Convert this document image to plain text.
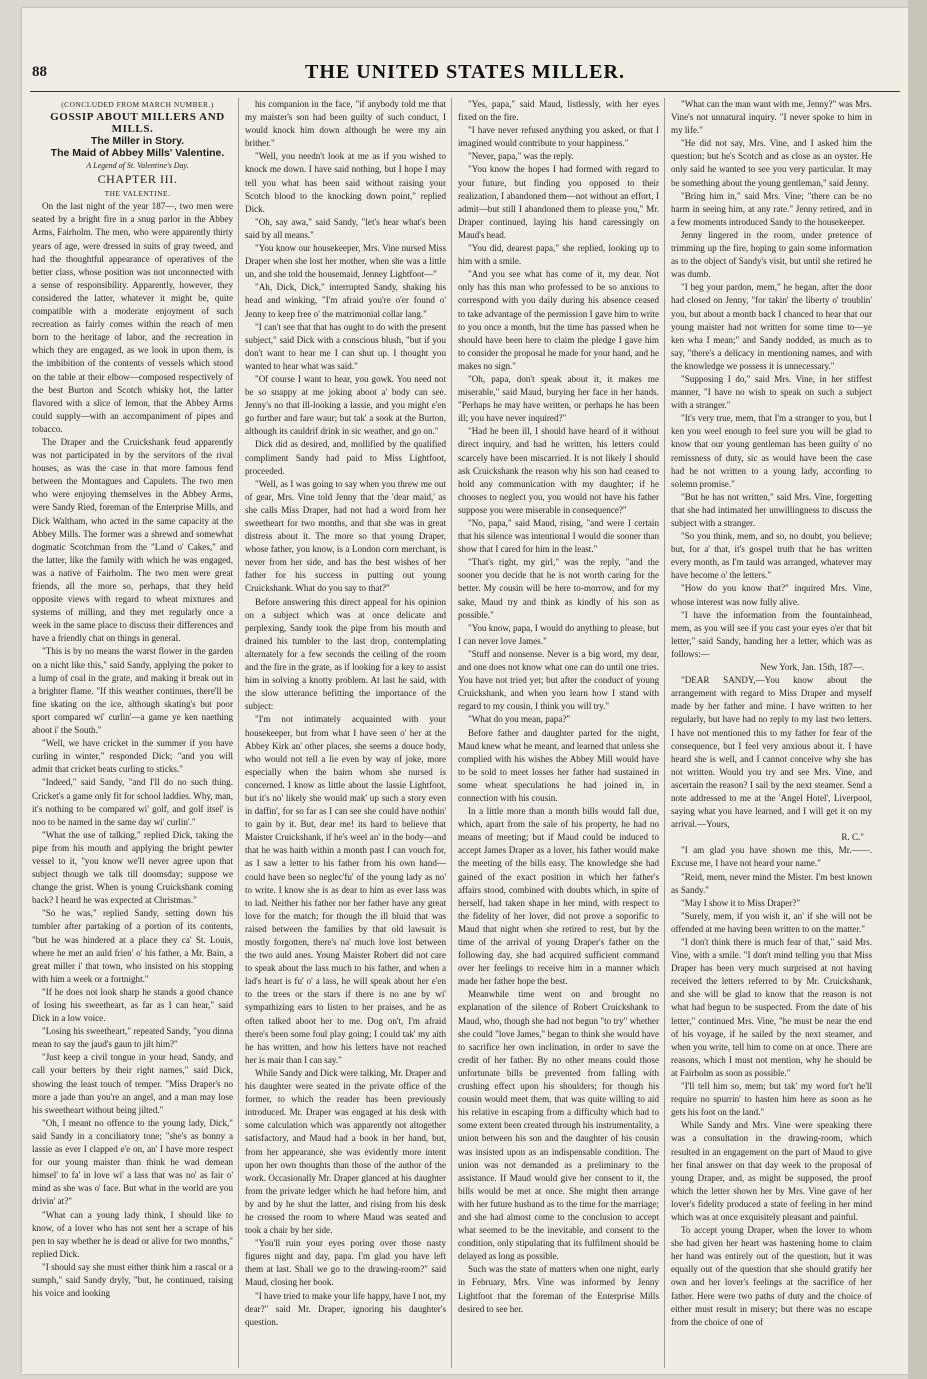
88	THE UNITED STATES MILLER.

(CONCLUDED FROM MARCH NUMBER.)

GOSSIP ABOUT MILLERS AND MILLS.

The Miller in Story.

The Maid of Abbey Mills' Valentine.

A Legend of St. Valentine's Day.

CHAPTER III.

THE VALENTINE.

On the last night of the year 187—, two men were seated by a bright fire in a snug parlor in the Abbey Arms, Fairholm. The men, who were apparently thirty years of age, were dressed in suits of gray tweed, and had the thoughtful appearance of operatives of the better class, whose position was not unconnected with a sense of responsibility. Apparently, however, they considered the latter, whatever it might be, quite compatible with a moderate enjoyment of such recreation as fairly comes within the reach of men born to the heritage of labor, and the recreation in which they are engaged, as we look in upon them, is the imbibition of the contents of vessels which stood on the table at their elbow—composed respectively of the best Burton and Scotch whisky hot, the latter flavored with a slice of lemon, that the Abbey Arms could supply—with an accompaniment of pipes and tobacco.

The Draper and the Cruickshank feud apparently was not participated in by the servitors of the rival houses, as was the case in that more famous fend between the Montagues and Capulets. The two men who were enjoying themselves in the Abbey Arms, were Sandy Ried, foreman of the Enterprise Mills, and Dick Waltham, who acted in the same capacity at the Abbey Mills. The former was a shrewd and somewhat dogmatic Scotchman from the "Land o' Cakes," and the latter, like the family with which he was engaged, was a native of Fairholm. The two men were great friends, all the more so, perhaps, that they held opposite views with regard to wheat mixtures and systems of milling, and they met regularly once a week in the same place to discuss their differences and have a friendly chat on things in general.

"This is by no means the warst flower in the garden on a nicht like this," said Sandy, applying the poker to a lump of coal in the grate, and making it break out in a brighter flame. "If this weather continues, there'll be fine skating on the ice, although skating's but poor sport compared wi' curlin'—a game ye ken naething aboot i' the South."

"Well, we have cricket in the summer if you have curling in winter," responded Dick; "and you will admit that cricket beats curling to sticks."

"Indeed," said Sandy, "and I'll do no such thing. Cricket's a game only fit for school laddies. Why, man, it's nothing to be compared wi' golf, and golf itsel' is noo to be named in the same day wi' curlin'."

"What the use of talking," replied Dick, taking the pipe from his mouth and applying the bright pewter vessel to it, "you know we'll never agree upon that subject though we talk till doomsday; suppose we change the grist. When is young Cruickshank coming back? I heard he was expected at Christmas."

"So he was," replied Sandy, setting down his tumbler after partaking of a portion of its contents, "but he was hindered at a place they ca' St. Louis, where he met an auld frien' o' his father, a Mr. Bain, a great miller i' that town, who insisted on his stopping with him a week or a fortnight."

"If he does not look sharp he stands a good chance of losing his sweetheart, as far as I can hear," said Dick in a low voice.

"Losing his sweetheart," repeated Sandy, "you dinna mean to say the jaud's gaun to jilt him?"

"Just keep a civil tongue in your head, Sandy, and call your betters by their right names," said Dick, showing the least touch of temper. "Miss Draper's no more a jade than you're an angel, and a man may lose his sweetheart without being jilted."

"Oh, I meant no offence to the young lady, Dick," said Sandy in a conciliatory tone; "she's as bonny a lassie as ever I clapped e'e on, an' I have more respect for our young maister than think he wad demean himsel' to fa' in love wi' a lass that was no' as fair o' mind as she was o' face. But what in the world are you drivin' at?"

"What can a young lady think, I should like to know, of a lover who has not sent her a scrape of his pen to say whether he is dead or alive for two months," replied Dick.

"I should say she must either think him a rascal or a sumph," said Sandy dryly, "but, he continued, raising his voice and looking

his companion in the face, "if anybody told me that my maister's son had been guilty of such conduct, I would knock him down although he were my ain brither."

"Well, you needn't look at me as if you wished to knock me down. I have said nothing, but I hope I may tell you what has been said without raising your Scotch blood to the knocking down point," replied Dick.

"Oh, say awa," said Sandy, "let's hear what's been said by all means."

"You know our housekeeper, Mrs. Vine nursed Miss Draper when she lost her mother, when she was a little un, and she told the housemaid, Jenney Lightfoot—"

"Ah, Dick, Dick," interrupted Sandy, shaking his head and winking, "I'm afraid you're o'er found o' Jenny to keep free o' the matrimonial collar lang."

"I can't see that that has ought to do with the present subject," said Dick with a conscious blush, "but if you don't want to hear me I can shut up. I thought you wanted to hear what was said."

"Of course I want to hear, you gowk. You need not be so snappy at me joking aboot a' body can see. Jenny's no that ill-looking a lassie, and you might e'en go further and fare waur; but tak' a sook at the Burton, although its cauldrif drink in sic weather, and go on."

Dick did as desired, and, mollified by the qualified compliment Sandy had paid to Miss Lightfoot, proceeded.

"Well, as I was going to say when you threw me out of gear, Mrs. Vine told Jenny that the 'dear maid,' as she calls Miss Draper, had not had a word from her sweetheart for two months, and that she was in great distress about it. The more so that young Draper, whose father, you know, is a London corn merchant, is never from her side, and has the best wishes of her father for his success in putting out young Cruickshank. What do you say to that?"

Before answering this direct appeal for his opinion on a subject which was at once delicate and perplexing, Sandy took the pipe from his mouth and drained his tumbler to the last drop, contemplating alternately for a few seconds the ceiling of the room and the fire in the grate, as if looking for a key to assist him in solving a knotty problem. At last he said, with the slow utterance befitting the importance of the subject:

"I'm not intimately acquainted with your housekeeper, but from what I have seen o' her at the Abbey Kirk an' other places, she seems a douce body, who would not tell a lie even by way of joke, more especially when the bairn whom she nursed is concerned. I know as little about the lassie Lightfoot, but it's no' likely she would mak' up such a story even in daffin', for so far as I can see she could have nothin' to gain by it. But, dear me! its hard to believe that Maister Cruickshank, if he's weel an' in the body—and that he was haith within a month past I can vouch for, as I saw a letter to his father from his own hand—could have been so neglec'fu' of the young lady as no' to write. I know she is as dear to him as ever lass was to lad. Neither his father nor her father have any great love for the match; for though the ill bluid that was raised between the families by that old lawsuit is mostly forgotten, there's na' much love lost between the two auld anes. Young Maister Robert did not care to speak about the lass much to his father, and when a lad's heart is fu' o' a lass, he will speak about her e'en to the trees or the stars if there is no ane by wi' sympathizing ears to listen to her praises, and he as often talked aboot her to me. Dog on't, I'm afraid there's been some foul play going; I could tak' my aith he has written, and how his letters have not reached her is mair than I can say."

While Sandy and Dick were talking, Mr. Draper and his daughter were seated in the private office of the former, to which the reader has been previously introduced. Mr. Draper was engaged at his desk with some calculation which was apparently not altogether satisfactory, and Maud had a book in her hand, but, from her appearance, she was evidently more intent upon her own thoughts than those of the author of the work. Occasionally Mr. Draper glanced at his daughter from the private ledger which he had before him, and by and by he shut the latter, and rising from his desk he crossed the room to where Maud was seated and took a chair by her side.

"You'll ruin your eyes poring over those nasty figures night and day, papa. I'm glad you have left them at last. Shall we go to the drawing-room?" said Maud, closing her book.

"I have tried to make your life happy, have I not, my dear?" said Mr. Draper, ignoring his daughter's question.

"Yes, papa," said Maud, listlessly, with her eyes fixed on the fire.

"I have never refused anything you asked, or that I imagined would contribute to your happiness."

"Never, papa," was the reply.

"You know the hopes I had formed with regard to your future, but finding you opposed to their realization, I abandoned them—not without an effort, I admit—but still I abandoned them to please you," Mr. Draper continued, laying his hand caressingly on Maud's head.

"You did, dearest papa," she replied, looking up to him with a smile.

"And you see what has come of it, my dear. Not only has this man who professed to be so anxious to correspond with you daily during his absence ceased to take advantage of the permission I gave him to write to you once a month, but the time has passed when he should have been here to claim the pledge I gave him to consider the proposal he made for your hand, and he makes no sign."

"Oh, papa, don't speak about it, it makes me miserable," said Maud, burying her face in her hands. "Perhaps he may have written, or perhaps he has been ill; you have never inquired?"

"Had he been ill, I should have heard of it without direct inquiry, and had he written, his letters could scarcely have been miscarried. It is not likely I should ask Cruickshank the reason why his son had ceased to hold any communication with my daughter; if he chooses to neglect you, you would not have his father suppose you were miserable in consequence?"

"No, papa," said Maud, rising, "and were I certain that his silence was intentional I would die sooner than show that I cared for him in the least."

"That's right, my girl," was the reply, "and the sooner you decide that he is not worth caring for the better. My cousin will be here to-morrow, and for my sake, Maud try and think as kindly of his son as possible."

"You know, papa, I would do anything to please, but I can never love James."

"Stuff and nonsense. Never is a big word, my dear, and one does not know what one can do until one tries. You have not tried yet; but after the conduct of young Cruickshank, and when you learn how I stand with regard to my cousin, I think you will try."

"What do you mean, papa?"

Before father and daughter parted for the night, Maud knew what he meant, and learned that unless she complied with his wishes the Abbey Mill would have to be sold to meet losses her father had sustained in some wheat speculations he had joined in, in connection with his cousin.

In a little more than a month bills would fall due, which, apart from the sale of his property, he had no means of meeting; but if Maud could be induced to accept James Draper as a lover, his father would make the meeting of the bills easy. The knowledge she had gained of the exact position in which her father's affairs stood, combined with doubts which, in spite of herself, had taken shape in her mind, with respect to the fidelity of her lover, did not prove a soporific to Maud that night when she retired to rest, but by the time of the arrival of young Draper's father on the following day, she had acquired sufficient command over her feelings to receive him in a manner which made her father hope the best.

Meanwhile time went on and brought no explanation of the silence of Robert Cruickshank to Maud, who, though she had not begun "to try" whether she could "love James," began to think she would have to sacrifice her own inclination, in order to save the credit of her father. By no other means could those unfortunate bills be prevented from falling with crushing effect upon his shoulders; for though his cousin would meet them, that was quite willing to aid his relative in escaping from a difficulty which had to some extent been created through his instrumentality, a union between his son and the daughter of his cousin was insisted upon as an indispensable condition. The union was not demanded as a preliminary to the assistance. If Maud would give her consent to it, the bills would be met at once. She might then arrange with her future husband as to the time for the marriage; and she had almost come to the conclusion to accept what seemed to be the inevitable, and consent to the condition, only stipulating that its fulfilment should be delayed as long as possible.

Such was the state of matters when one night, early in February, Mrs. Vine was informed by Jenny Lightfoot that the foreman of the Enterprise Mills desired to see her.

"What can the man want with me, Jenny?" was Mrs. Vine's not unnatural inquiry. "I never spoke to him in my life."

"He did not say, Mrs. Vine, and I asked him the question; but he's Scotch and as close as an oyster. He only said he wanted to see you very particular. It may be something about the young gentleman," said Jenny.

"Bring him in," said Mrs. Vine; "there can be no harm in seeing him, at any rate." Jenny retired, and in a few moments introduced Sandy to the housekeeper.

Jenny lingered in the room, under pretence of trimming up the fire, hoping to gain some information as to the object of Sandy's visit, but until she retired he was dumb.

"I beg your pardon, mem," he began, after the door had closed on Jenny, "for takin' the liberty o' troublin' you, but about a month back I chanced to hear that our young maister had not written for some time to—ye ken wha I mean;" and Sandy nodded, as much as to say, "there's a delicacy in mentioning names, and with the knowledge we possess it is unnecessary."

"Supposing I do," said Mrs. Vine, in her stiffest manner, "I have no wish to speak on such a subject with a stranger."

"It's very true, mem, that I'm a stranger to you, but I ken you weel enough to feel sure you will be glad to know that our young gentleman has been guilty o' no remissness of duty, sic as would have been the case had he not written to a young lady, according to solemn promise."

"But he has not written," said Mrs. Vine, forgetting that she had intimated her unwillingness to discuss the subject with a stranger.

"So you think, mem, and so, no doubt, you believe; but, for a' that, it's gospel truth that he has written every month, as I'm tauld was arranged, whatever may have become o' the letters."

"How do you know that?" inquired Mrs. Vine, whose interest was now fully alive.

"I have the information from the fountainhead, mem, as you will see if you cast your eyes o'er that bit letter," said Sandy, handing her a letter, which was as follows:—

New York, Jan. 15th, 187—.

"DEAR SANDY,—You know about the arrangement with regard to Miss Draper and myself made by her father and mine. I have written to her regularly, but have had no reply to my last two letters. I have not mentioned this to my father for fear of the consequence, but I feel very anxious about it. I have heard she is well, and I cannot conceive why she has not written. Would you try and see Mrs. Vine, and ascertain the reason? I sail by the next steamer. Send a note addressed to me at the 'Angel Hotel', Liverpool, saying what you have learned, and I will get it on my arrival.—Yours,

R. C."

"I am glad you have shown me this, Mr.——. Excuse me, I have not heard your name."

"Reid, mem, never mind the Mister. I'm best known as Sandy."

"May I show it to Miss Draper?"

"Surely, mem, if you wish it, an' if she will not be offended at me having been written to on the matter."

"I don't think there is much fear of that," said Mrs. Vine, with a smile. "I don't mind telling you that Miss Draper has been very much surprised at not having received the letters referred to by Mr. Cruickshank, and she will be glad to know that the reason is not what had begun to be suspected. From the date of his letter," continued Mrs. Vine, "he must be near the end of his voyage, if he sailed by the next steamer, and when you write, tell him to come on at once. There are reasons, which I must not mention, why he should be at Fairholm as soon as possible."

"I'll tell him so, mem; but tak' my word for't he'll require no spurrin' to hasten him here as soon as he gets his foot on the land."

While Sandy and Mrs. Vine were speaking there was a consultation in the drawing-room, which resulted in an engagement on the part of Maud to give her final answer on that day week to the proposal of young Draper, and, as might be supposed, the proof which the letter shown her by Mrs. Vine gave of her lover's fidelity produced a state of feeling in her mind which was at once exquisitely pleasant and painful.

To accept young Draper, when the lover to whom she had given her heart was hastening home to claim her hand was entirely out of the question, but it was equally out of the question that she should gratify her own and her lover's feelings at the sacrifice of her father. Here were two paths of duty and the choice of either must result in misery; but there was no escape from the choice of one of
